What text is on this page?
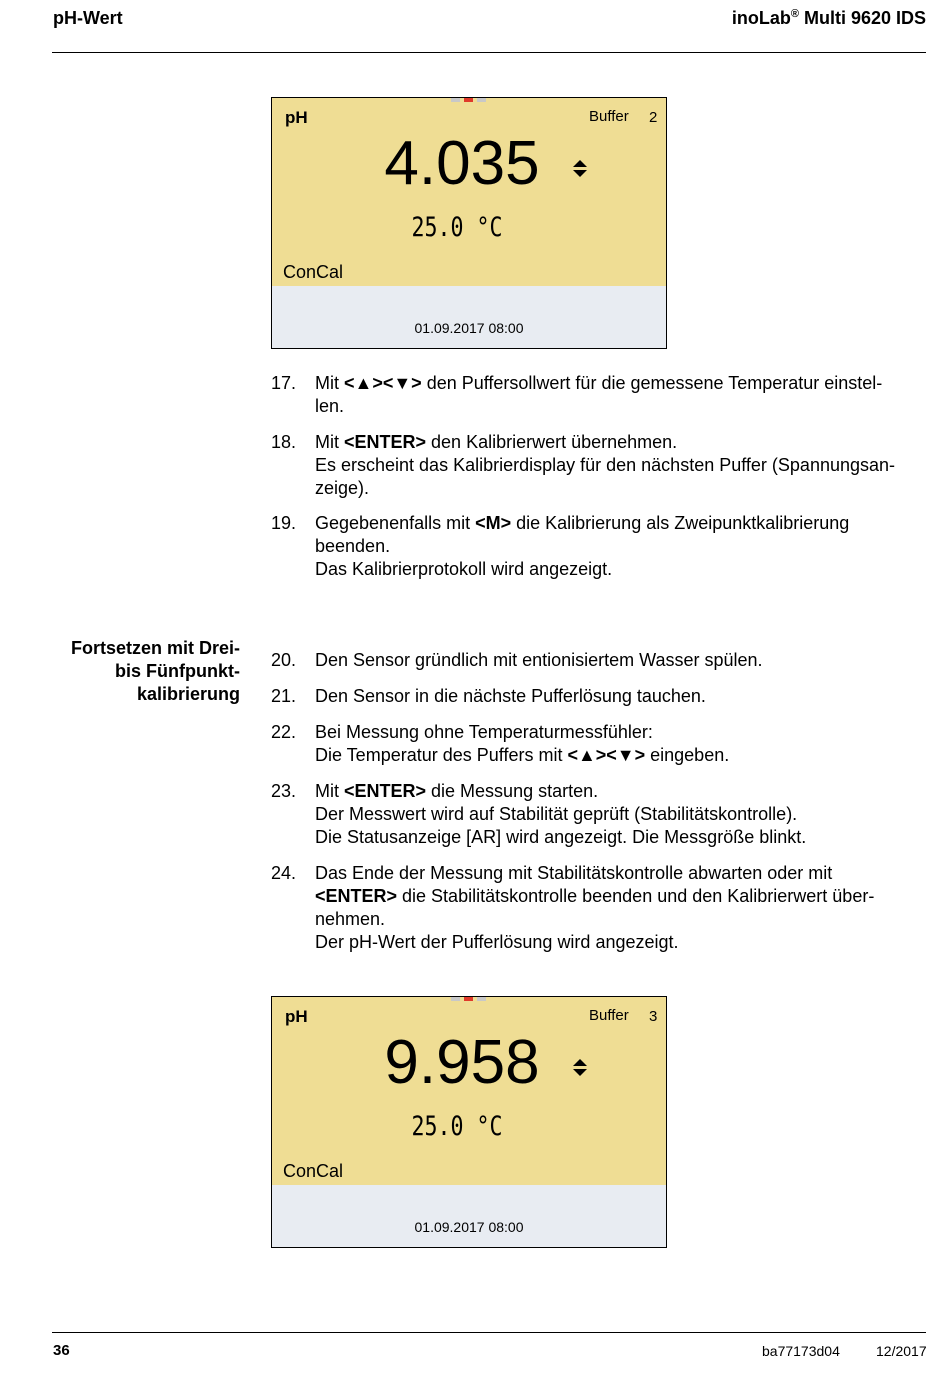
pH-Wert	inoLab® Multi 9620 IDS
pH	Buffer 2
4.035
25.0 °C
ConCal
01.09.2017 08:00
17. Mit <▲><▼> den Puffersollwert für die gemessene Temperatur einstel-
len.
18. Mit <ENTER> den Kalibrierwert übernehmen.
Es erscheint das Kalibrierdisplay für den nächsten Puffer (Spannungsan-
zeige).
19. Gegebenenfalls mit <M> die Kalibrierung als Zweipunktkalibrierung
beenden.
Das Kalibrierprotokoll wird angezeigt.
Fortsetzen mit Drei-
bis Fünfpunkt-
kalibrierung
20. Den Sensor gründlich mit entionisiertem Wasser spülen.
21. Den Sensor in die nächste Pufferlösung tauchen.
22. Bei Messung ohne Temperaturmessfühler:
Die Temperatur des Puffers mit <▲><▼> eingeben.
23. Mit <ENTER> die Messung starten.
Der Messwert wird auf Stabilität geprüft (Stabilitätskontrolle).
Die Statusanzeige [AR] wird angezeigt. Die Messgröße blinkt.
24. Das Ende der Messung mit Stabilitätskontrolle abwarten oder mit
<ENTER> die Stabilitätskontrolle beenden und den Kalibrierwert über-
nehmen.
Der pH-Wert der Pufferlösung wird angezeigt.
pH	Buffer 3
9.958
25.0 °C
ConCal
01.09.2017 08:00
36	ba77173d04	12/2017
